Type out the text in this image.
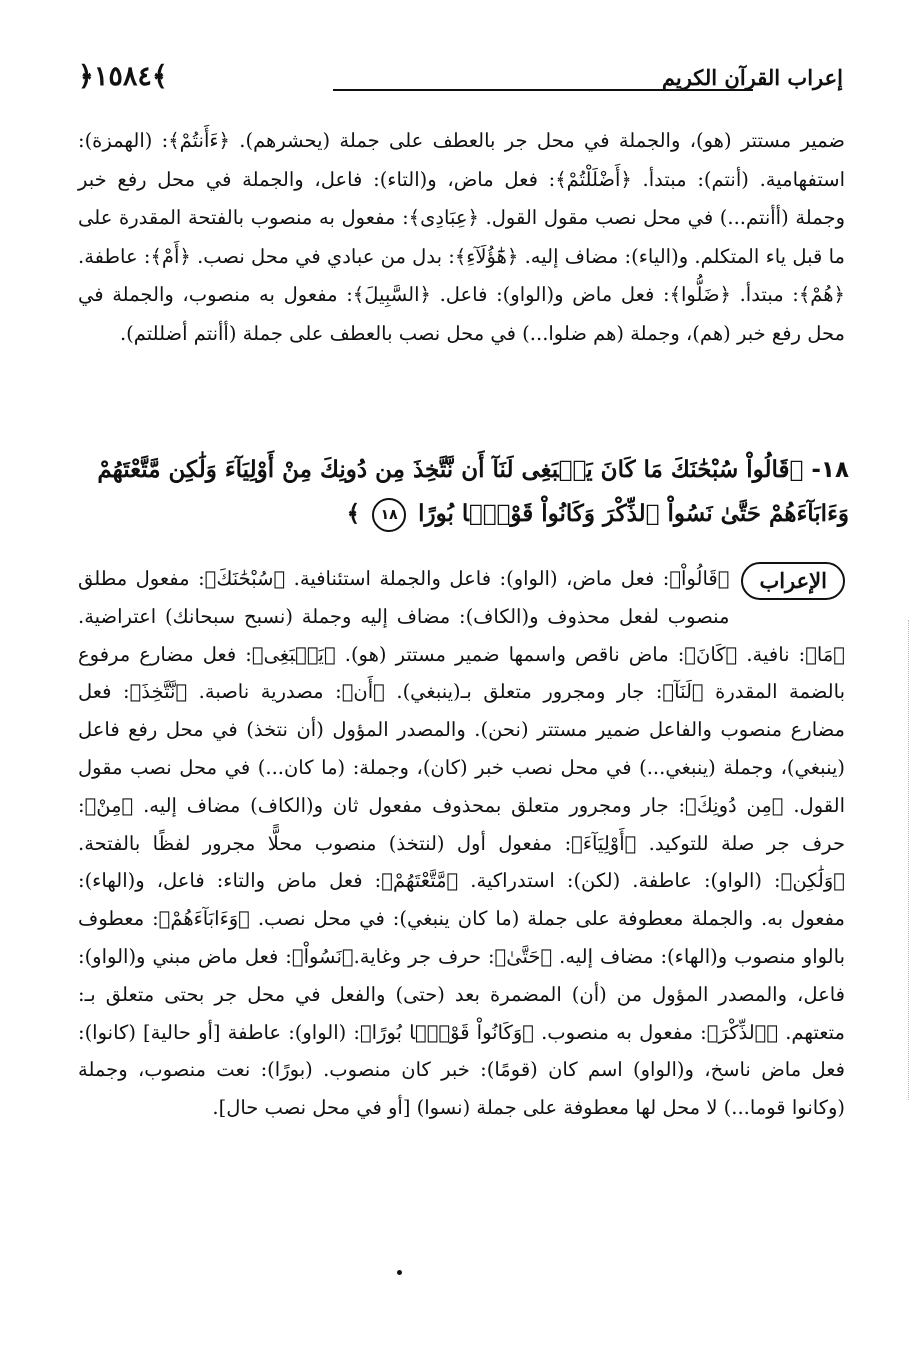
﴿١٥٨٤﴾	إعراب القرآن الكريم

ضمير مستتر (هو)، والجملة في محل جر بالعطف على جملة (يحشرهم). ﴿ءَأَنتُمْ﴾: (الهمزة): استفهامية. (أنتم): مبتدأ. ﴿أَضْلَلْتُمْ﴾: فعل ماض، و(التاء): فاعل، والجملة في محل رفع خبر وجملة (أأنتم...) في محل نصب مقول القول. ﴿عِبَادِى﴾: مفعول به منصوب بالفتحة المقدرة على ما قبل ياء المتكلم. و(الياء): مضاف إليه. ﴿هَٰٓؤُلَآءِ﴾: بدل من عبادي في محل نصب. ﴿أَمْ﴾: عاطفة. ﴿هُمْ﴾: مبتدأ. ﴿ضَلُّوا﴾: فعل ماض و(الواو): فاعل. ﴿السَّبِيلَ﴾: مفعول به منصوب، والجملة في محل رفع خبر (هم)، وجملة (هم ضلوا...) في محل نصب بالعطف على جملة (أأنتم أضللتم).

١٨- ﴿قَالُواْ سُبْحَٰنَكَ مَا كَانَ يَنۢبَغِى لَنَآ أَن نَّتَّخِذَ مِن دُونِكَ مِنْ أَوْلِيَآءَ وَلَٰكِن مَّتَّعْتَهُمْ وَءَابَآءَهُمْ حَتَّىٰ نَسُواْ ٱلذِّكْرَ وَكَانُواْ قَوْمًۢا بُورًا ١٨ ﴾
الإعراب
﴿قَالُواْ﴾: فعل ماض، (الواو): فاعل والجملة استئنافية. ﴿سُبْحَٰنَكَ﴾: مفعول مطلق منصوب لفعل محذوف و(الكاف): مضاف إليه وجملة (نسبح سبحانك) اعتراضية. ﴿مَا﴾: نافية. ﴿كَانَ﴾: ماض ناقص واسمها ضمير مستتر (هو). ﴿يَنۢبَغِى﴾: فعل مضارع مرفوع بالضمة المقدرة ﴿لَنَآ﴾: جار ومجرور متعلق بـ(ينبغي). ﴿أَن﴾: مصدرية ناصبة. ﴿نَّتَّخِذَ﴾: فعل مضارع منصوب والفاعل ضمير مستتر (نحن). والمصدر المؤول (أن نتخذ) في محل رفع فاعل (ينبغي)، وجملة (ينبغي...) في محل نصب خبر (كان)، وجملة: (ما كان...) في محل نصب مقول القول. ﴿مِن دُونِكَ﴾: جار ومجرور متعلق بمحذوف مفعول ثان و(الكاف) مضاف إليه. ﴿مِنْ﴾: حرف جر صلة للتوكيد. ﴿أَوْلِيَآءَ﴾: مفعول أول (لنتخذ) منصوب محلًّا مجرور لفظًا بالفتحة. ﴿وَلَٰكِن﴾: (الواو): عاطفة. (لكن): استدراكية. ﴿مَّتَّعْتَهُمْ﴾: فعل ماض والتاء: فاعل، و(الهاء): مفعول به. والجملة معطوفة على جملة (ما كان ينبغي): في محل نصب. ﴿وَءَابَآءَهُمْ﴾: معطوف بالواو منصوب و(الهاء): مضاف إليه. ﴿حَتَّىٰ﴾: حرف جر وغاية.﴿نَسُواْ﴾: فعل ماض مبني و(الواو): فاعل، والمصدر المؤول من (أن) المضمرة بعد (حتى) والفعل في محل جر بحتى متعلق بـ: متعتهم. ﴿ٱلذِّكْرَ﴾: مفعول به منصوب. ﴿وَكَانُواْ قَوْمًۢا بُورًا﴾: (الواو): عاطفة [أو حالية] (كانوا): فعل ماض ناسخ، و(الواو) اسم كان (قومًا): خبر كان منصوب. (بورًا): نعت منصوب، وجملة (وكانوا قوما...) لا محل لها معطوفة على جملة (نسوا) [أو في محل نصب حال].
